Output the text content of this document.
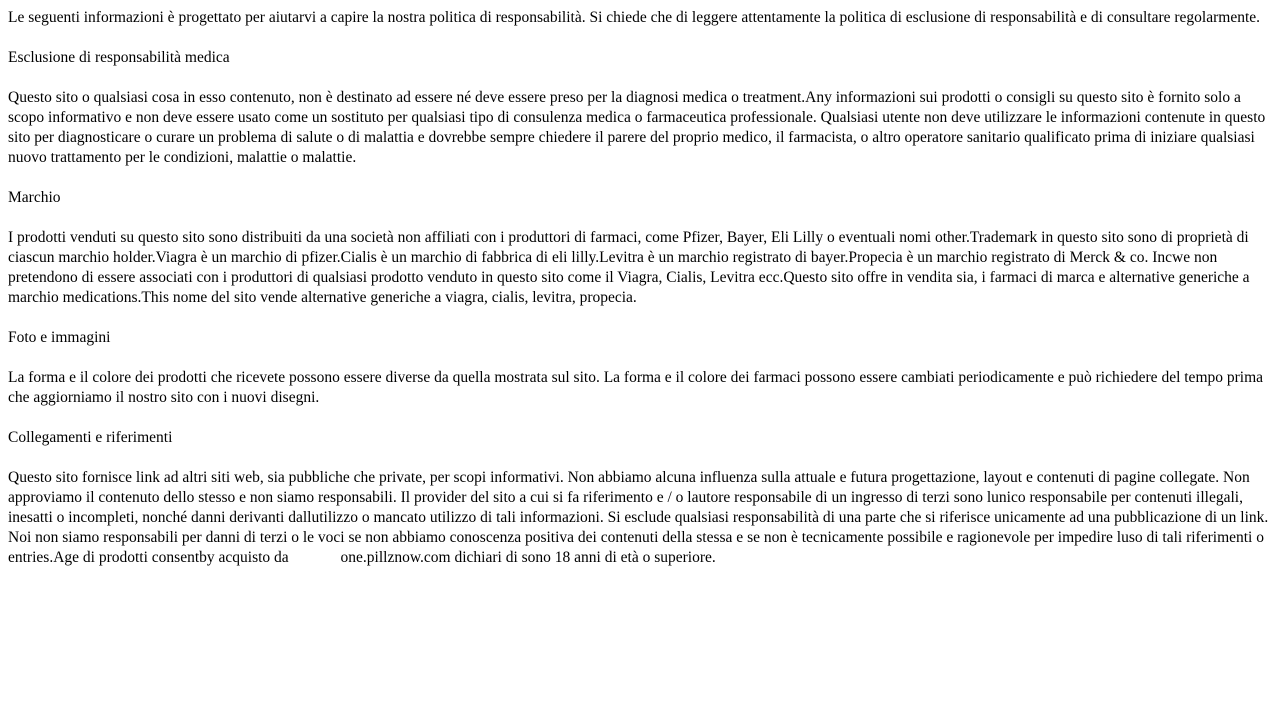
Le seguenti informazioni è progettato per aiutarvi a capire la nostra politica di responsabilità. Si chiede che di leggere attentamente la politica di esclusione di responsabilità e di consultare regolarmente.

Esclusione di responsabilità medica

Questo sito o qualsiasi cosa in esso contenuto, non è destinato ad essere né deve essere preso per la diagnosi medica o treatment.Any informazioni sui prodotti o consigli su questo sito è fornito solo a scopo informativo e non deve essere usato come un sostituto per qualsiasi tipo di consulenza medica o farmaceutica professionale. Qualsiasi utente non deve utilizzare le informazioni contenute in questo sito per diagnosticare o curare un problema di salute o di malattia e dovrebbe sempre chiedere il parere del proprio medico, il farmacista, o altro operatore sanitario qualificato prima di iniziare qualsiasi nuovo trattamento per le condizioni, malattie o malattie.

Marchio

I prodotti venduti su questo sito sono distribuiti da una società non affiliati con i produttori di farmaci, come Pfizer, Bayer, Eli Lilly o eventuali nomi other.Trademark in questo sito sono di proprietà di ciascun marchio holder.Viagra è un marchio di pfizer.Cialis è un marchio di fabbrica di eli lilly.Levitra è un marchio registrato di bayer.Propecia è un marchio registrato di Merck & co. Incwe non pretendono di essere associati con i produttori di qualsiasi prodotto venduto in questo sito come il Viagra, Cialis, Levitra ecc.Questo sito offre in vendita sia, i farmaci di marca e alternative generiche a marchio medications.This nome del sito vende alternative generiche a viagra, cialis, levitra, propecia.

Foto e immagini

La forma e il colore dei prodotti che ricevete possono essere diverse da quella mostrata sul sito. La forma e il colore dei farmaci possono essere cambiati periodicamente e può richiedere del tempo prima che aggiorniamo il nostro sito con i nuovi disegni.

Collegamenti e riferimenti

Questo sito fornisce link ad altri siti web, sia pubbliche che private, per scopi informativi. Non abbiamo alcuna influenza sulla attuale e futura progettazione, layout e contenuti di pagine collegate. Non approviamo il contenuto dello stesso e non siamo responsabili. Il provider del sito a cui si fa riferimento e / o lautore responsabile di un ingresso di terzi sono lunico responsabile per contenuti illegali, inesatti o incompleti, nonché danni derivanti dallutilizzo o mancato utilizzo di tali informazioni. Si esclude qualsiasi responsabilità di una parte che si riferisce unicamente ad una pubblicazione di un link. Noi non siamo responsabili per danni di terzi o le voci se non abbiamo conoscenza positiva dei contenuti della stessa e se non è tecnicamente possibile e ragionevole per impedire luso di tali riferimenti o entries.Age di prodotti consentby acquisto da	one.pillznow.com dichiari di sono 18 anni di età o superiore.
